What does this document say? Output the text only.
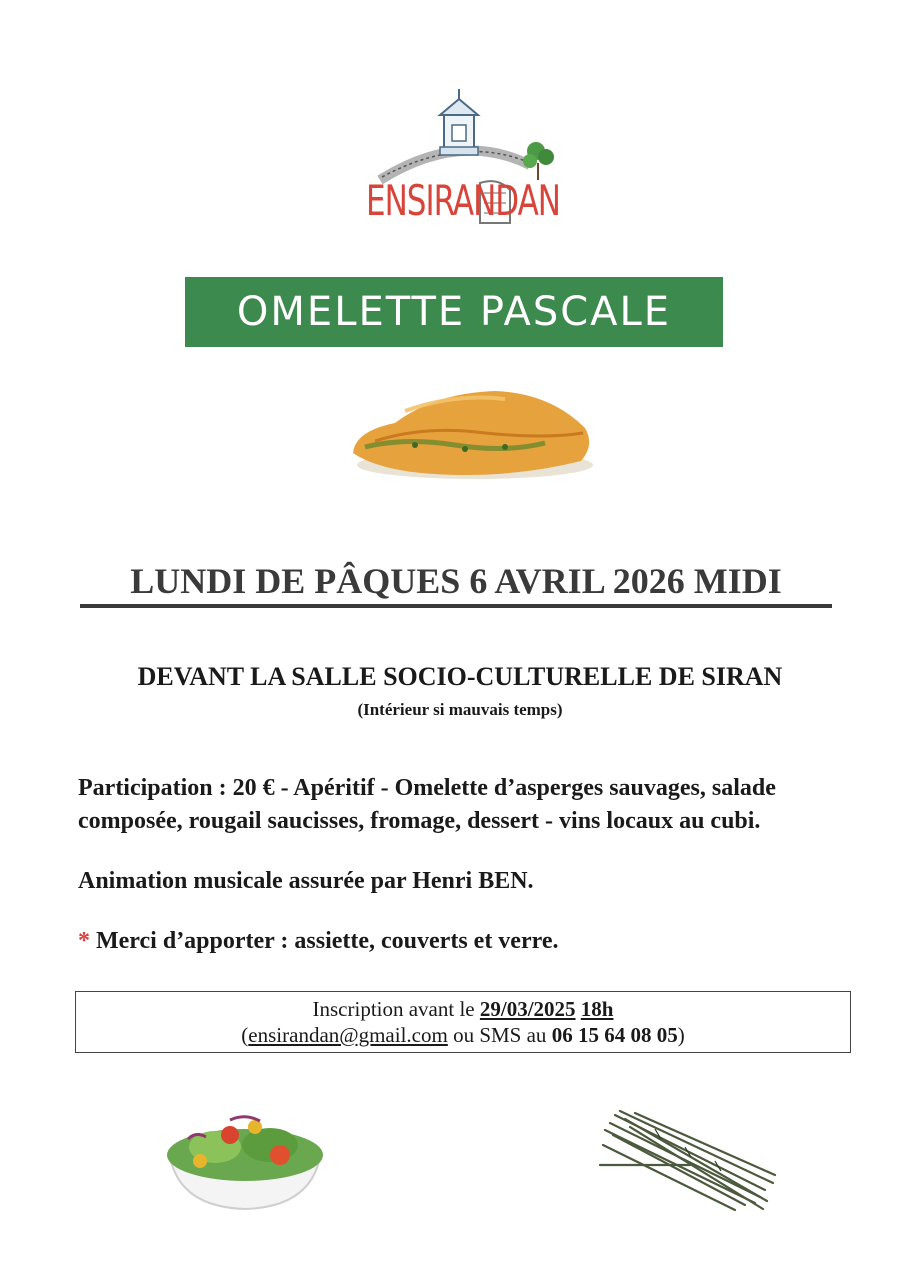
ENSIRANDAN
OMELETTE PASCALE
LUNDI DE PÂQUES 6 AVRIL 2026 MIDI
DEVANT LA SALLE SOCIO-CULTURELLE DE SIRAN
(Intérieur si mauvais temps)
Participation : 20 € - Apéritif - Omelette d’asperges sauvages, salade composée, rougail saucisses, fromage, dessert - vins locaux au cubi.
Animation musicale assurée par Henri BEN.
* Merci d’apporter : assiette, couverts et verre.
Inscription avant le 29/03/2025 18h
(ensirandan@gmail.com ou SMS au 06 15 64 08 05)
